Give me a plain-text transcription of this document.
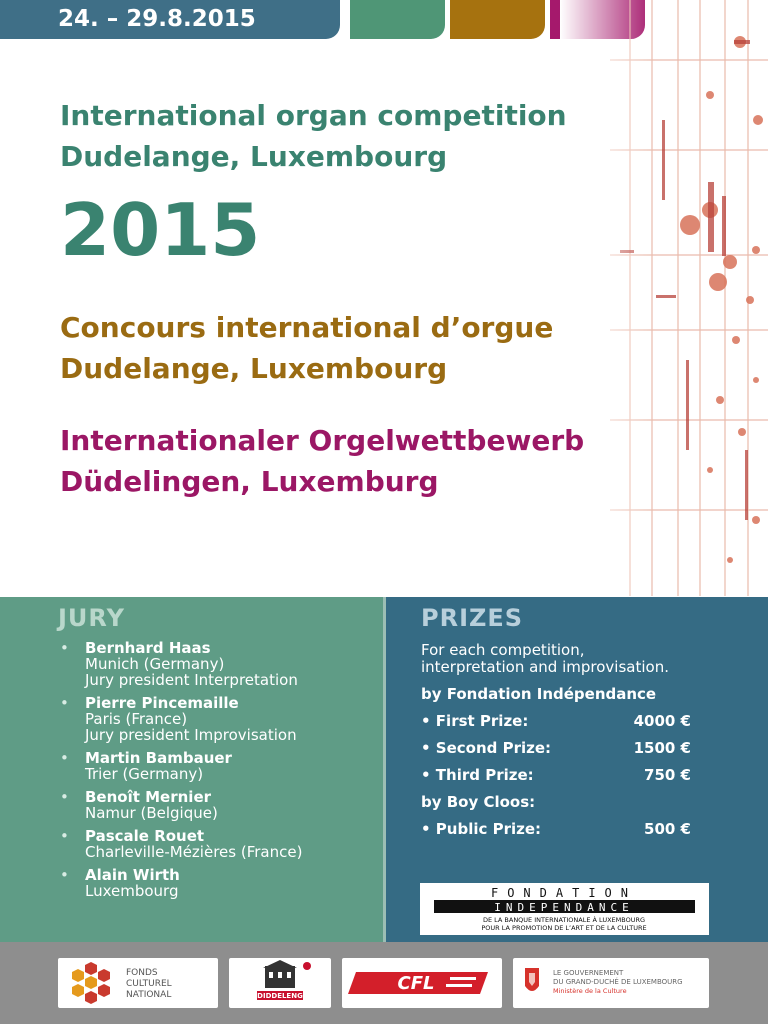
24. – 29.8.2015
International organ competition
Dudelange, Luxembourg
2015
Concours international d’orgue
Dudelange, Luxembourg
Internationaler Orgelwettbewerb
Düdelingen, Luxemburg
JURY
• Bernhard Haas
Munich (Germany)
Jury president Interpretation
• Pierre Pincemaille
Paris (France)
Jury president Improvisation
• Martin Bambauer
Trier (Germany)
• Benoît Mernier
Namur (Belgique)
• Pascale Rouet
Charleville-Mézières (France)
• Alain Wirth
Luxembourg
PRIZES
For each competition,
interpretation and improvisation.
by Fondation Indépendance
• First Prize:	4000 €
• Second Prize:	1500 €
• Third Prize:	750 €
by Boy Cloos:
• Public Prize:	500 €
FONDATION
INDEPENDANCE
DE LA BANQUE INTERNATIONALE À LUXEMBOURG
POUR LA PROMOTION DE L’ART ET DE LA CULTURE
FONDS
CULTUREL
NATIONAL	DIDDELENG
CFL	LE GOUVERNEMENT
DU GRAND-DUCHÉ DE LUXEMBOURG
Ministère de la Culture
